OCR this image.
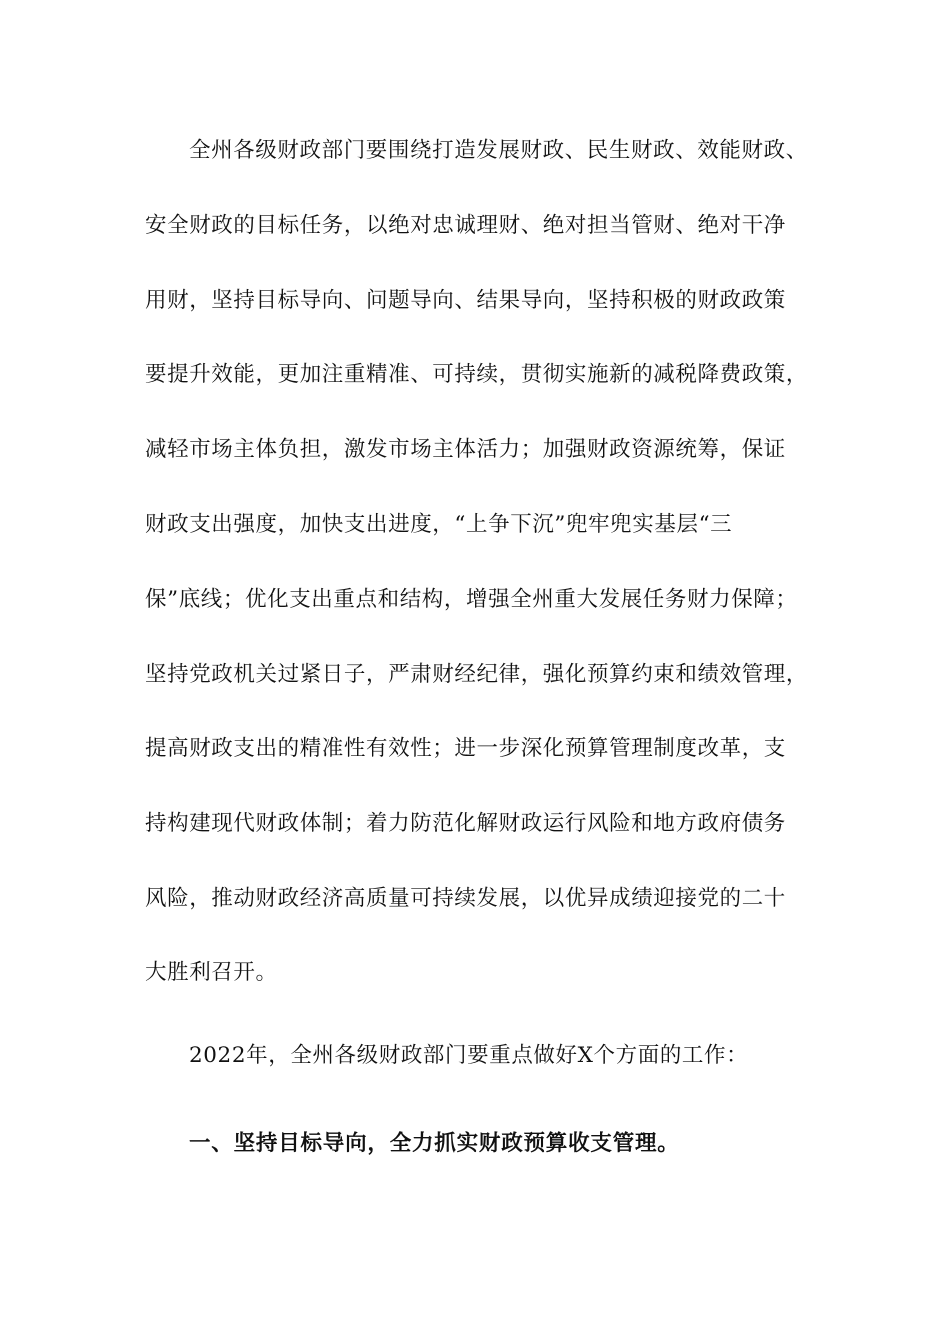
全州各级财政部门要围绕打造发展财政、民生财政、效能财政、
安全财政的目标任务，以绝对忠诚理财、绝对担当管财、绝对干净
用财，坚持目标导向、问题导向、结果导向，坚持积极的财政政策
要提升效能，更加注重精准、可持续，贯彻实施新的减税降费政策，
减轻市场主体负担，激发市场主体活力；加强财政资源统筹，保证
财政支出强度，加快支出进度，“上争下沉”兜牢兜实基层“三
保”底线；优化支出重点和结构，增强全州重大发展任务财力保障；
坚持党政机关过紧日子，严肃财经纪律，强化预算约束和绩效管理，
提高财政支出的精准性有效性；进一步深化预算管理制度改革，支
持构建现代财政体制；着力防范化解财政运行风险和地方政府债务
风险，推动财政经济高质量可持续发展，以优异成绩迎接党的二十
大胜利召开。
2022年，全州各级财政部门要重点做好X个方面的工作：
一、坚持目标导向，全力抓实财政预算收支管理。
